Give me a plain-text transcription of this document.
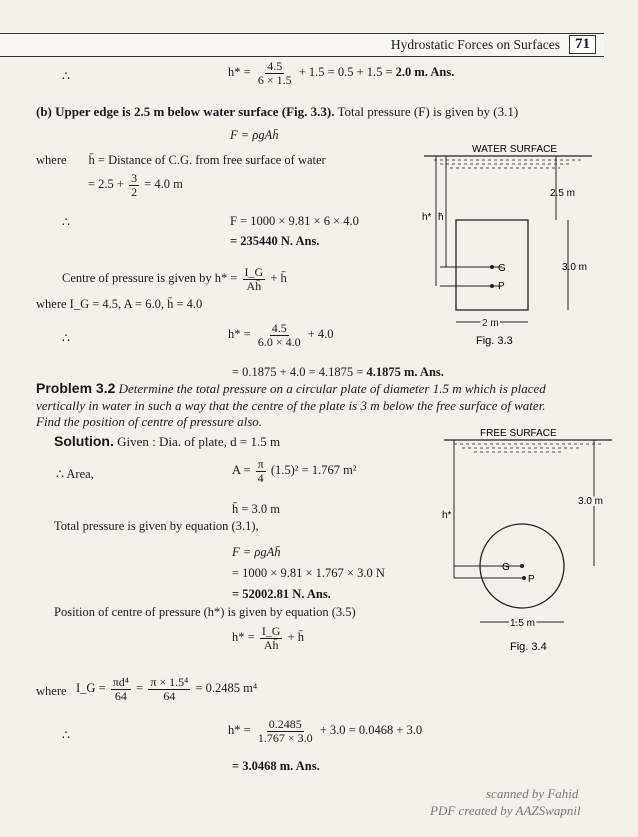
Hydrostatic Forces on Surfaces	71
∴	$h* = \frac{4.5}{6 \times 1.5} + 1.5 = 0.5 + 1.5 = 2.0$ m. Ans.
(b) Upper edge is 2.5 m below water surface (Fig. 3.3). Total pressure (F) is given by (3.1)
F = ρgAh̄
where h̄ = Distance of C.G. from free surface of water
= $2.5 + \frac{3}{2} = 4.0$ m
∴	F = 1000 × 9.81 × 6 × 4.0
= 235440 N. Ans.
Centre of pressure is given by $h* = \frac{I\_G}{Ah̄}$ + h̄
where I_G = 4.5, A = 6.0, h̄ = 4.0
∴	$h* = \frac{4.5}{6.0 \times 4.0} + 4.0$
= 0.1875 + 4.0 = 4.1875 = 4.1875 m. Ans.
WATER SURFACE
h* h̄
G
P
2.5 m
3.0 m
2 m
Fig. 3.3
Problem 3.2 Determine the total pressure on a circular plate of diameter 1.5 m which is placed
vertically in water in such a way that the centre of the plate is 3 m below the free surface of water.
Find the position of centre of pressure also.
Solution. Given : Dia. of plate, d = 1.5 m
∴ Area,	$A = \frac{\pi}{4} (1.5)^2 = 1.767$ m²
h̄ = 3.0 m
Total pressure is given by equation (3.1),
F = ρgAh̄
= 1000 × 9.81 × 1.767 × 3.0 N
= 52002.81 N. Ans.
Position of centre of pressure (h*) is given by equation (3.5)
$h* = \frac{I\_G}{Ah̄}$ + h̄
where I_G = $\frac{\text{πd⁴}}{64} = \frac{\text{π × 1.5⁴}}{64} = 0.2485$ m⁴
∴	$h* = \frac{0.2485}{1.767 \times 3.0} + 3.0 = 0.0468 + 3.0$
= 3.0468 m. Ans.
FREE SURFACE
h*
G
P
3.0 m
1.5 m
Fig. 3.4
scanned by Fahid
PDF created by AAZSwapnil
